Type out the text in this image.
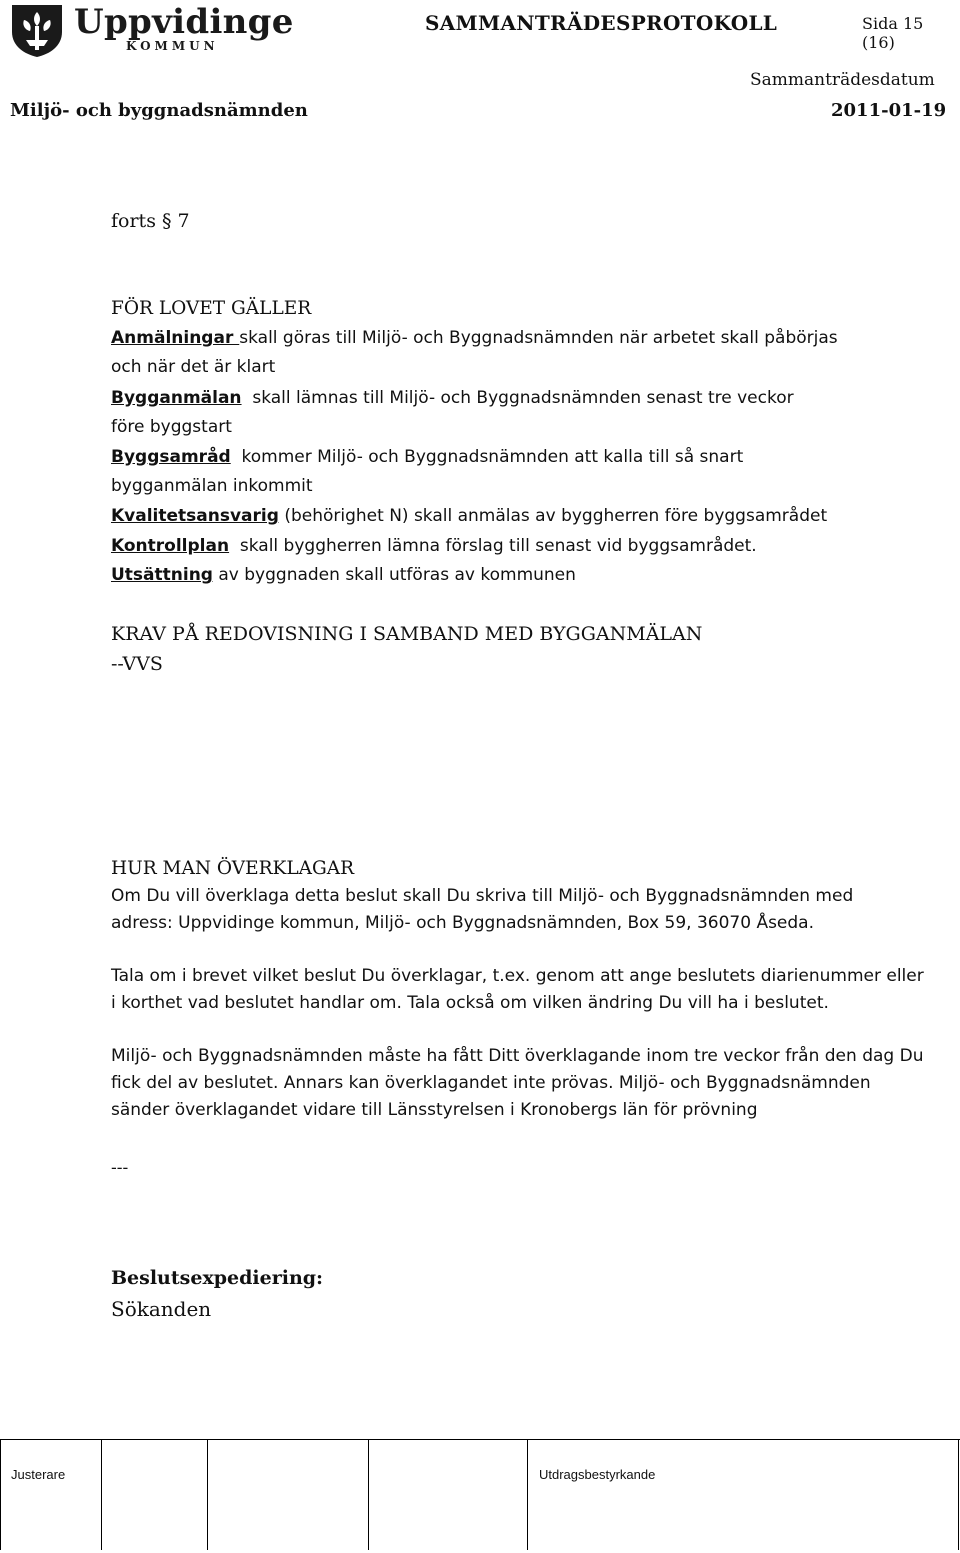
Uppvidinge
KOMMUN
SAMMANTRÄDESPROTOKOLL	Sida 15 (16)
Sammanträdesdatum
Miljö- och byggnadsnämnden	2011-01-19
forts § 7
FÖR LOVET GÄLLER
Anmälningar skall göras till Miljö- och Byggnadsnämnden när arbetet skall påbörjas
och när det är klart
Bygganmälan  skall lämnas till Miljö- och Byggnadsnämnden senast tre veckor
före byggstart
Byggsamråd  kommer Miljö- och Byggnadsnämnden att kalla till så snart
bygganmälan inkommit
Kvalitetsansvarig (behörighet N) skall anmälas av byggherren före byggsamrådet
Kontrollplan  skall byggherren lämna förslag till senast vid byggsamrådet.
Utsättning av byggnaden skall utföras av kommunen
KRAV PÅ REDOVISNING I SAMBAND MED BYGGANMÄLAN
--VVS
HUR MAN ÖVERKLAGAR
Om Du vill överklaga detta beslut skall Du skriva till Miljö- och Byggnadsnämnden med
adress: Uppvidinge kommun, Miljö- och Byggnadsnämnden, Box 59, 36070 Åseda.
Tala om i brevet vilket beslut Du överklagar, t.ex. genom att ange beslutets diarienummer eller
i korthet vad beslutet handlar om. Tala också om vilken ändring Du vill ha i beslutet.
Miljö- och Byggnadsnämnden måste ha fått Ditt överklagande inom tre veckor från den dag Du
fick del av beslutet. Annars kan överklagandet inte prövas. Miljö- och Byggnadsnämnden
sänder överklagandet vidare till Länsstyrelsen i Kronobergs län för prövning
---
Beslutsexpediering:
Sökanden
Justerare	Utdragsbestyrkande
